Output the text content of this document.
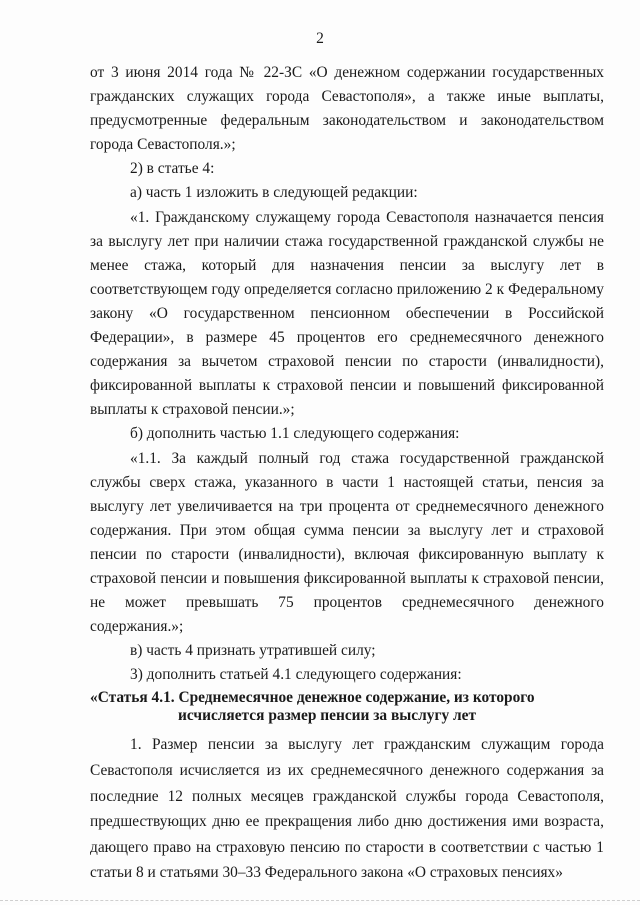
2

от 3 июня 2014 года № 22-ЗС «О денежном содержании государственных гражданских служащих города Севастополя», а также иные выплаты, предусмотренные федеральным законодательством и законодательством города Севастополя.»;

2) в статье 4:

а) часть 1 изложить в следующей редакции:

«1. Гражданскому служащему города Севастополя назначается пенсия за выслугу лет при наличии стажа государственной гражданской службы не менее стажа, который для назначения пенсии за выслугу лет в соответствующем году определяется согласно приложению 2 к Федеральному закону «О государственном пенсионном обеспечении в Российской Федерации», в размере 45 процентов его среднемесячного денежного содержания за вычетом страховой пенсии по старости (инвалидности), фиксированной выплаты к страховой пенсии и повышений фиксированной выплаты к страховой пенсии.»;

б) дополнить частью 1.1 следующего содержания:

«1.1. За каждый полный год стажа государственной гражданской службы сверх стажа, указанного в части 1 настоящей статьи, пенсия за выслугу лет увеличивается на три процента от среднемесячного денежного содержания. При этом общая сумма пенсии за выслугу лет и страховой пенсии по старости (инвалидности), включая фиксированную выплату к страховой пенсии и повышения фиксированной выплаты к страховой пенсии, не может превышать 75 процентов среднемесячного денежного содержания.»;

в) часть 4 признать утратившей силу;

3) дополнить статьей 4.1 следующего содержания:

«Статья 4.1. Среднемесячное денежное содержание, из которого
исчисляется размер пенсии за выслугу лет

1. Размер пенсии за выслугу лет гражданским служащим города Севастополя исчисляется из их среднемесячного денежного содержания за последние 12 полных месяцев гражданской службы города Севастополя, предшествующих дню ее прекращения либо дню достижения ими возраста, дающего право на страховую пенсию по старости в соответствии с частью 1 статьи 8 и статьями 30–33 Федерального закона «О страховых пенсиях»
